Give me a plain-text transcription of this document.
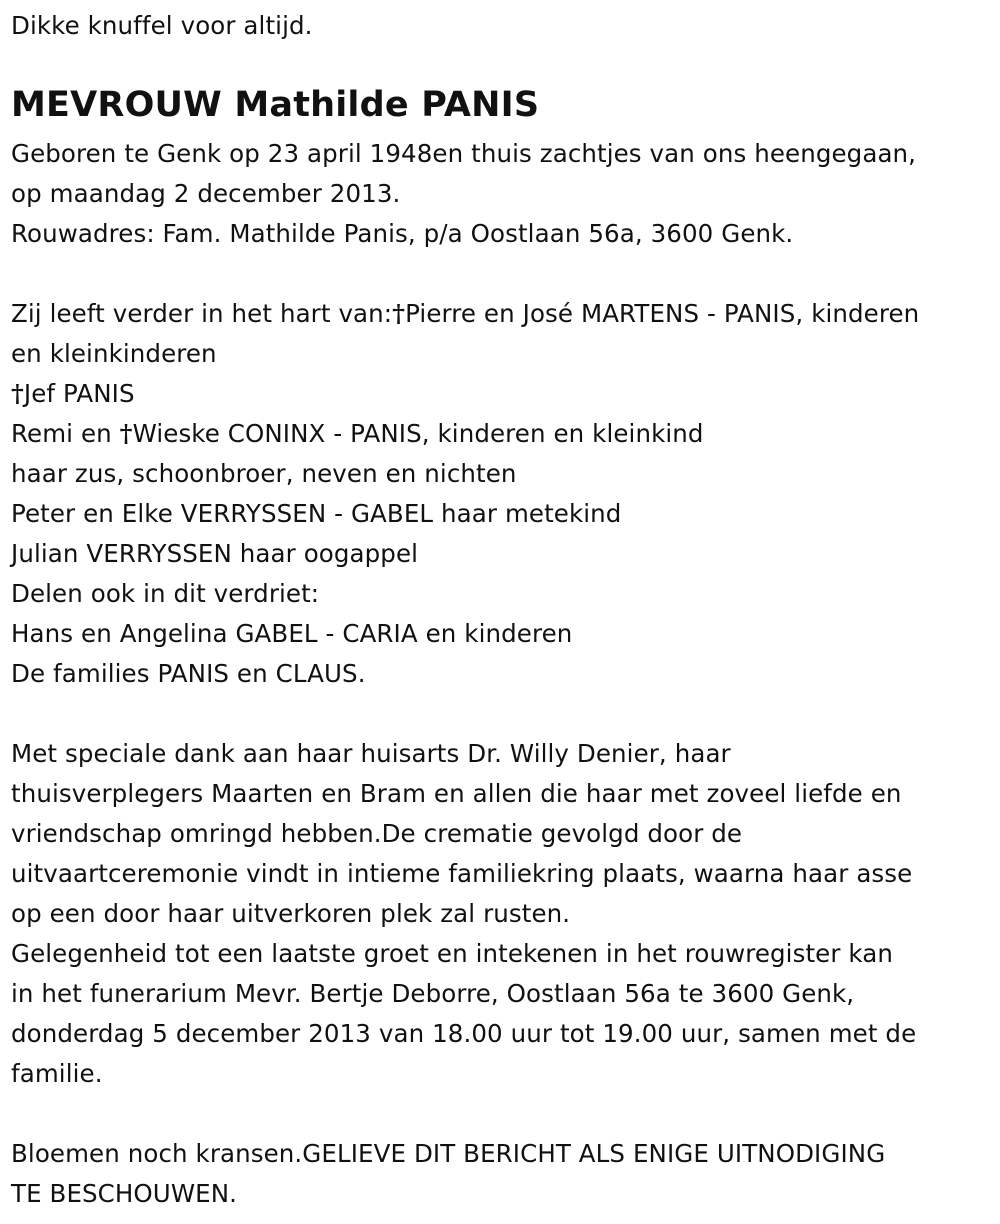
Dikke knuffel voor altijd.
MEVROUW Mathilde PANIS
Geboren te Genk op 23 april 1948en thuis zachtjes van ons heengegaan,
op maandag 2 december 2013.
Rouwadres: Fam. Mathilde Panis, p/a Oostlaan 56a, 3600 Genk.
Zij leeft verder in het hart van:†Pierre en José MARTENS - PANIS, kinderen
en kleinkinderen
†Jef PANIS
Remi en †Wieske CONINX - PANIS, kinderen en kleinkind
haar zus, schoonbroer, neven en nichten
Peter en Elke VERRYSSEN - GABEL haar metekind
Julian VERRYSSEN haar oogappel
Delen ook in dit verdriet:
Hans en Angelina GABEL - CARIA en kinderen
De families PANIS en CLAUS.
Met speciale dank aan haar huisarts Dr. Willy Denier, haar
thuisverplegers Maarten en Bram en allen die haar met zoveel liefde en
vriendschap omringd hebben.De crematie gevolgd door de
uitvaartceremonie vindt in intieme familiekring plaats, waarna haar asse
op een door haar uitverkoren plek zal rusten.
Gelegenheid tot een laatste groet en intekenen in het rouwregister kan
in het funerarium Mevr. Bertje Deborre, Oostlaan 56a te 3600 Genk,
donderdag 5 december 2013 van 18.00 uur tot 19.00 uur, samen met de
familie.
Bloemen noch kransen.GELIEVE DIT BERICHT ALS ENIGE UITNODIGING
TE BESCHOUWEN.
